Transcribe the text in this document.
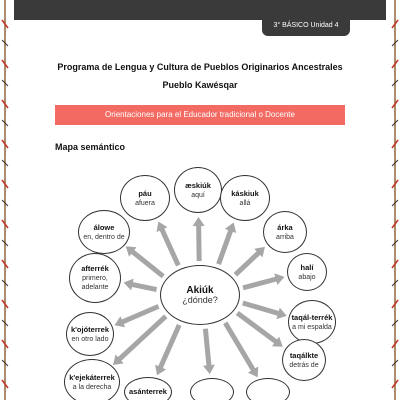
3° BÁSICO Unidad 4
Programa de Lengua y Cultura de Pueblos Originarios Ancestrales
Pueblo Kawésqar
Orientaciones para el Educador tradicional o Docente
Mapa semántico
Akiúk
¿dónde?
æskiúk
aquí	káskiuk
allá
árka
arriba
halí
abajo
taqál-terrék
a mi espalda
taqálkte
detrás de
asánterrek
k'ejekáterrek
a la derecha
k'ojóterrek
en otro lado
afterrék
primero, adelante
álowe
en, dentro de
páu
afuera
